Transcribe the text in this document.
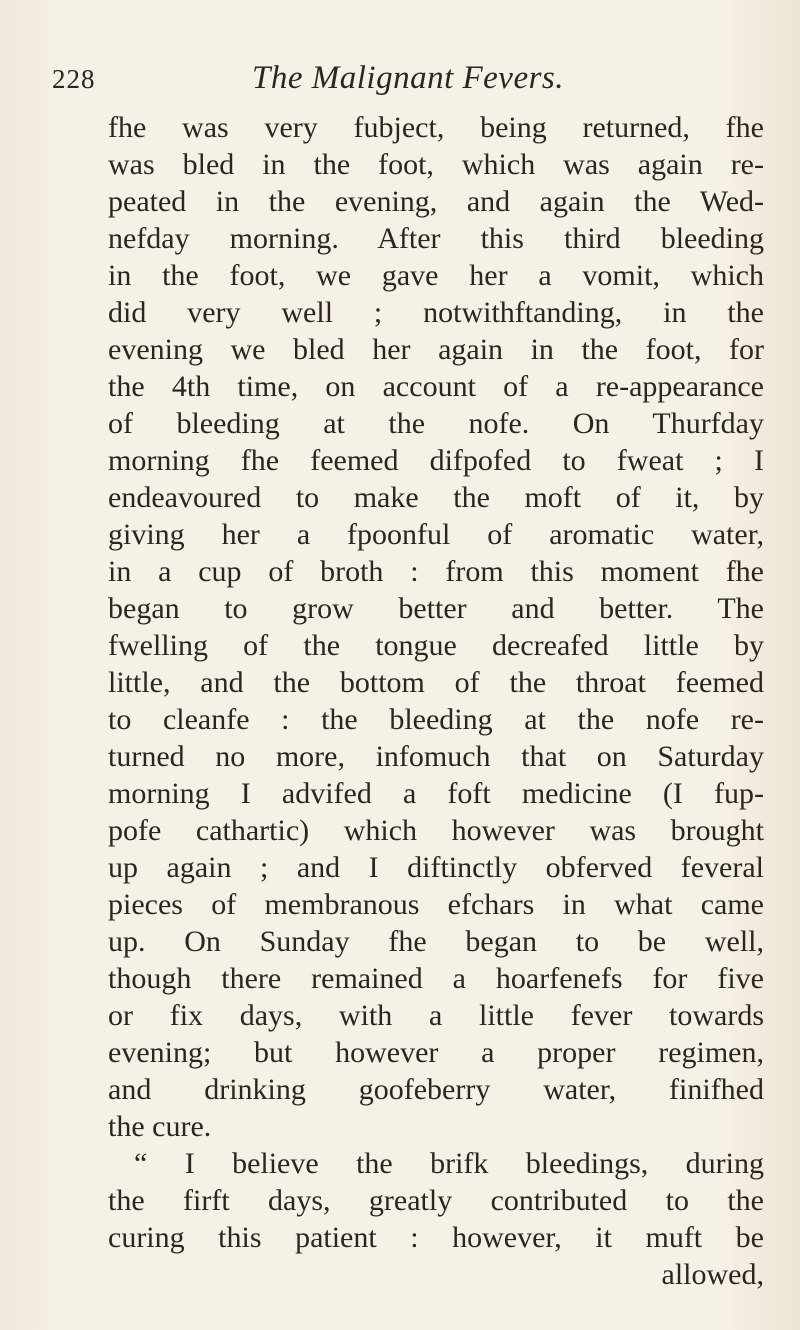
228	The Malignant Fevers.
fhe was very fubject, being returned, fhe
was bled in the foot, which was again re-
peated in the evening, and again the Wed-
nefday morning. After this third bleeding
in the foot, we gave her a vomit, which
did very well ; notwithftanding, in the
evening we bled her again in the foot, for
the 4th time, on account of a re-appearance
of bleeding at the nofe. On Thurfday
morning fhe feemed difpofed to fweat ; I
endeavoured to make the moft of it, by
giving her a fpoonful of aromatic water,
in a cup of broth : from this moment fhe
began to grow better and better. The
fwelling of the tongue decreafed little by
little, and the bottom of the throat feemed
to cleanfe : the bleeding at the nofe re-
turned no more, infomuch that on Saturday
morning I advifed a foft medicine (I fup-
pofe cathartic) which however was brought
up again ; and I diftinctly obferved feveral
pieces of membranous efchars in what came
up. On Sunday fhe began to be well,
though there remained a hoarfenefs for five
or fix days, with a little fever towards
evening; but however a proper regimen,
and drinking goofeberry water, finifhed
the cure.
“ I believe the brifk bleedings, during
the firft days, greatly contributed to the
curing this patient : however, it muft be
allowed,
